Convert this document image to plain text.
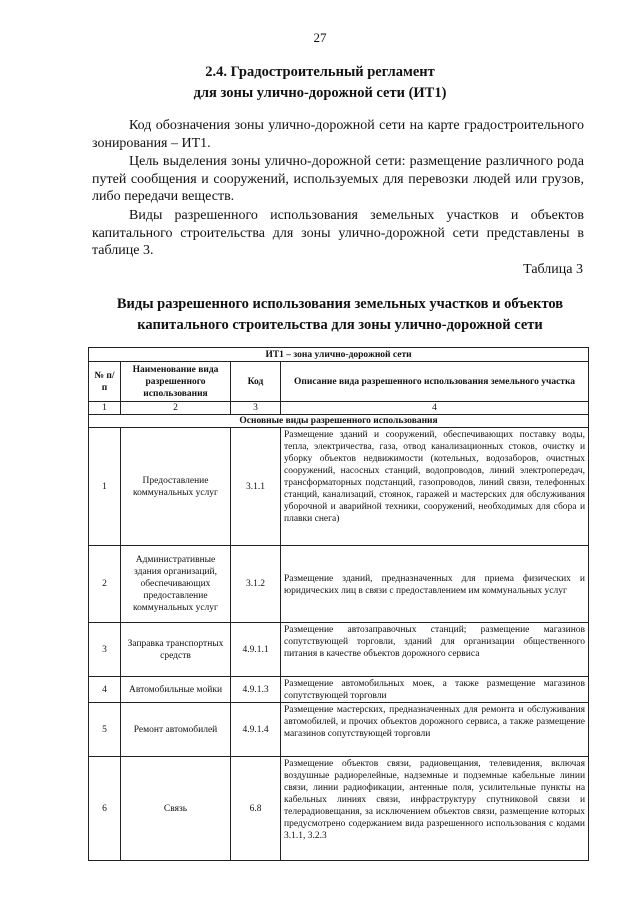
27
2.4. Градостроительный регламент
для зоны улично-дорожной сети (ИТ1)
Код обозначения зоны улично-дорожной сети на карте градостроительного зонирования – ИТ1.
Цель выделения зоны улично-дорожной сети: размещение различного рода путей сообщения и сооружений, используемых для перевозки людей или грузов, либо передачи веществ.
Виды разрешенного использования земельных участков и объектов капитального строительства для зоны улично-дорожной сети представлены в таблице 3.
Таблица 3
Виды разрешенного использования земельных участков и объектов
капитального строительства для зоны улично-дорожной сети
ИТ1 – зона улично-дорожной сети			
№ п/п	Наименование вида разрешенного использования	Код	Описание вида разрешенного использования земельного участка
1	2	3	4
Основные виды разрешенного использования			
1	Предоставление коммунальных услуг	3.1.1	Размещение зданий и сооружений, обеспечивающих поставку воды, тепла, электричества, газа, отвод канализационных стоков, очистку и уборку объектов недвижимости (котельных, водозаборов, очистных сооружений, насосных станций, водопроводов, линий электропередач, трансформаторных подстанций, газопроводов, линий связи, телефонных станций, канализаций, стоянок, гаражей и мастерских для обслуживания уборочной и аварийной техники, сооружений, необходимых для сбора и плавки снега)
2	Административные здания организаций, обеспечивающих предоставление коммунальных услуг	3.1.2	Размещение зданий, предназначенных для приема физических и юридических лиц в связи с предоставлением им коммунальных услуг
3	Заправка транспортных средств	4.9.1.1	Размещение автозаправочных станций; размещение магазинов сопутствующей торговли, зданий для организации общественного питания в качестве объектов дорожного сервиса
4	Автомобильные мойки	4.9.1.3	Размещение автомобильных моек, а также размещение магазинов сопутствующей торговли
5	Ремонт автомобилей	4.9.1.4	Размещение мастерских, предназначенных для ремонта и обслуживания автомобилей, и прочих объектов дорожного сервиса, а также размещение магазинов сопутствующей торговли
6	Связь	6.8	Размещение объектов связи, радиовещания, телевидения, включая воздушные радиорелейные, надземные и подземные кабельные линии связи, линии радиофикации, антенные поля, усилительные пункты на кабельных линиях связи, инфраструктуру спутниковой связи и телерадиовещания, за исключением объектов связи, размещение которых предусмотрено содержанием вида разрешенного использования с кодами 3.1.1, 3.2.3
